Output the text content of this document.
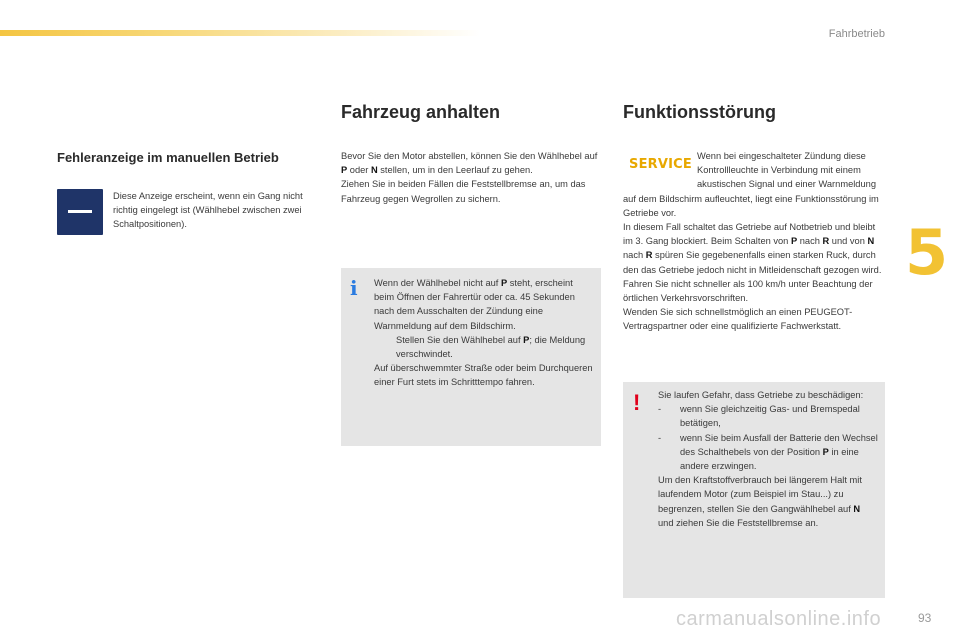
Fahrbetrieb
5
Fehleranzeige im manuellen Betrieb

Diese Anzeige erscheint, wenn ein Gang nicht richtig eingelegt ist (Wählhebel zwischen zwei Schaltpositionen).

Fahrzeug anhalten

Bevor Sie den Motor abstellen, können Sie den Wählhebel auf P oder N stellen, um in den Leerlauf zu gehen.

Ziehen Sie in beiden Fällen die Feststellbremse an, um das Fahrzeug gegen Wegrollen zu sichern.

i Wenn der Wählhebel nicht auf P steht, erscheint beim Öffnen der Fahrertür oder ca. 45 Sekunden nach dem Ausschalten der Zündung eine Warnmeldung auf dem Bildschirm.

Stellen Sie den Wählhebel auf P; die Meldung verschwindet.

Auf überschwemmter Straße oder beim Durchqueren einer Furt stets im Schritttempo fahren.

Funktionsstörung
SERVICE

Wenn bei eingeschalteter Zündung diese Kontrollleuchte in Verbindung mit einem akustischen Signal und einer Warnmeldung auf dem Bildschirm aufleuchtet, liegt eine Funktionsstörung im Getriebe vor.

In diesem Fall schaltet das Getriebe auf Notbetrieb und bleibt im 3. Gang blockiert. Beim Schalten von P nach R und von N nach R spüren Sie gegebenenfalls einen starken Ruck, durch den das Getriebe jedoch nicht in Mitleidenschaft gezogen wird.

Fahren Sie nicht schneller als 100 km/h unter Beachtung der örtlichen Verkehrsvorschriften.

Wenden Sie sich schnellstmöglich an einen PEUGEOT-Vertragspartner oder eine qualifizierte Fachwerkstatt.

! Sie laufen Gefahr, dass Getriebe zu beschädigen:

-	wenn Sie gleichzeitig Gas- und Bremspedal betätigen,
-	wenn Sie beim Ausfall der Batterie den Wechsel des Schalthebels von der Position P in eine andere erzwingen.

Um den Kraftstoffverbrauch bei längerem Halt mit laufendem Motor (zum Beispiel im Stau...) zu begrenzen, stellen Sie den Gangwählhebel auf N und ziehen Sie die Feststellbremse an.

carmanualsonline.info	93
